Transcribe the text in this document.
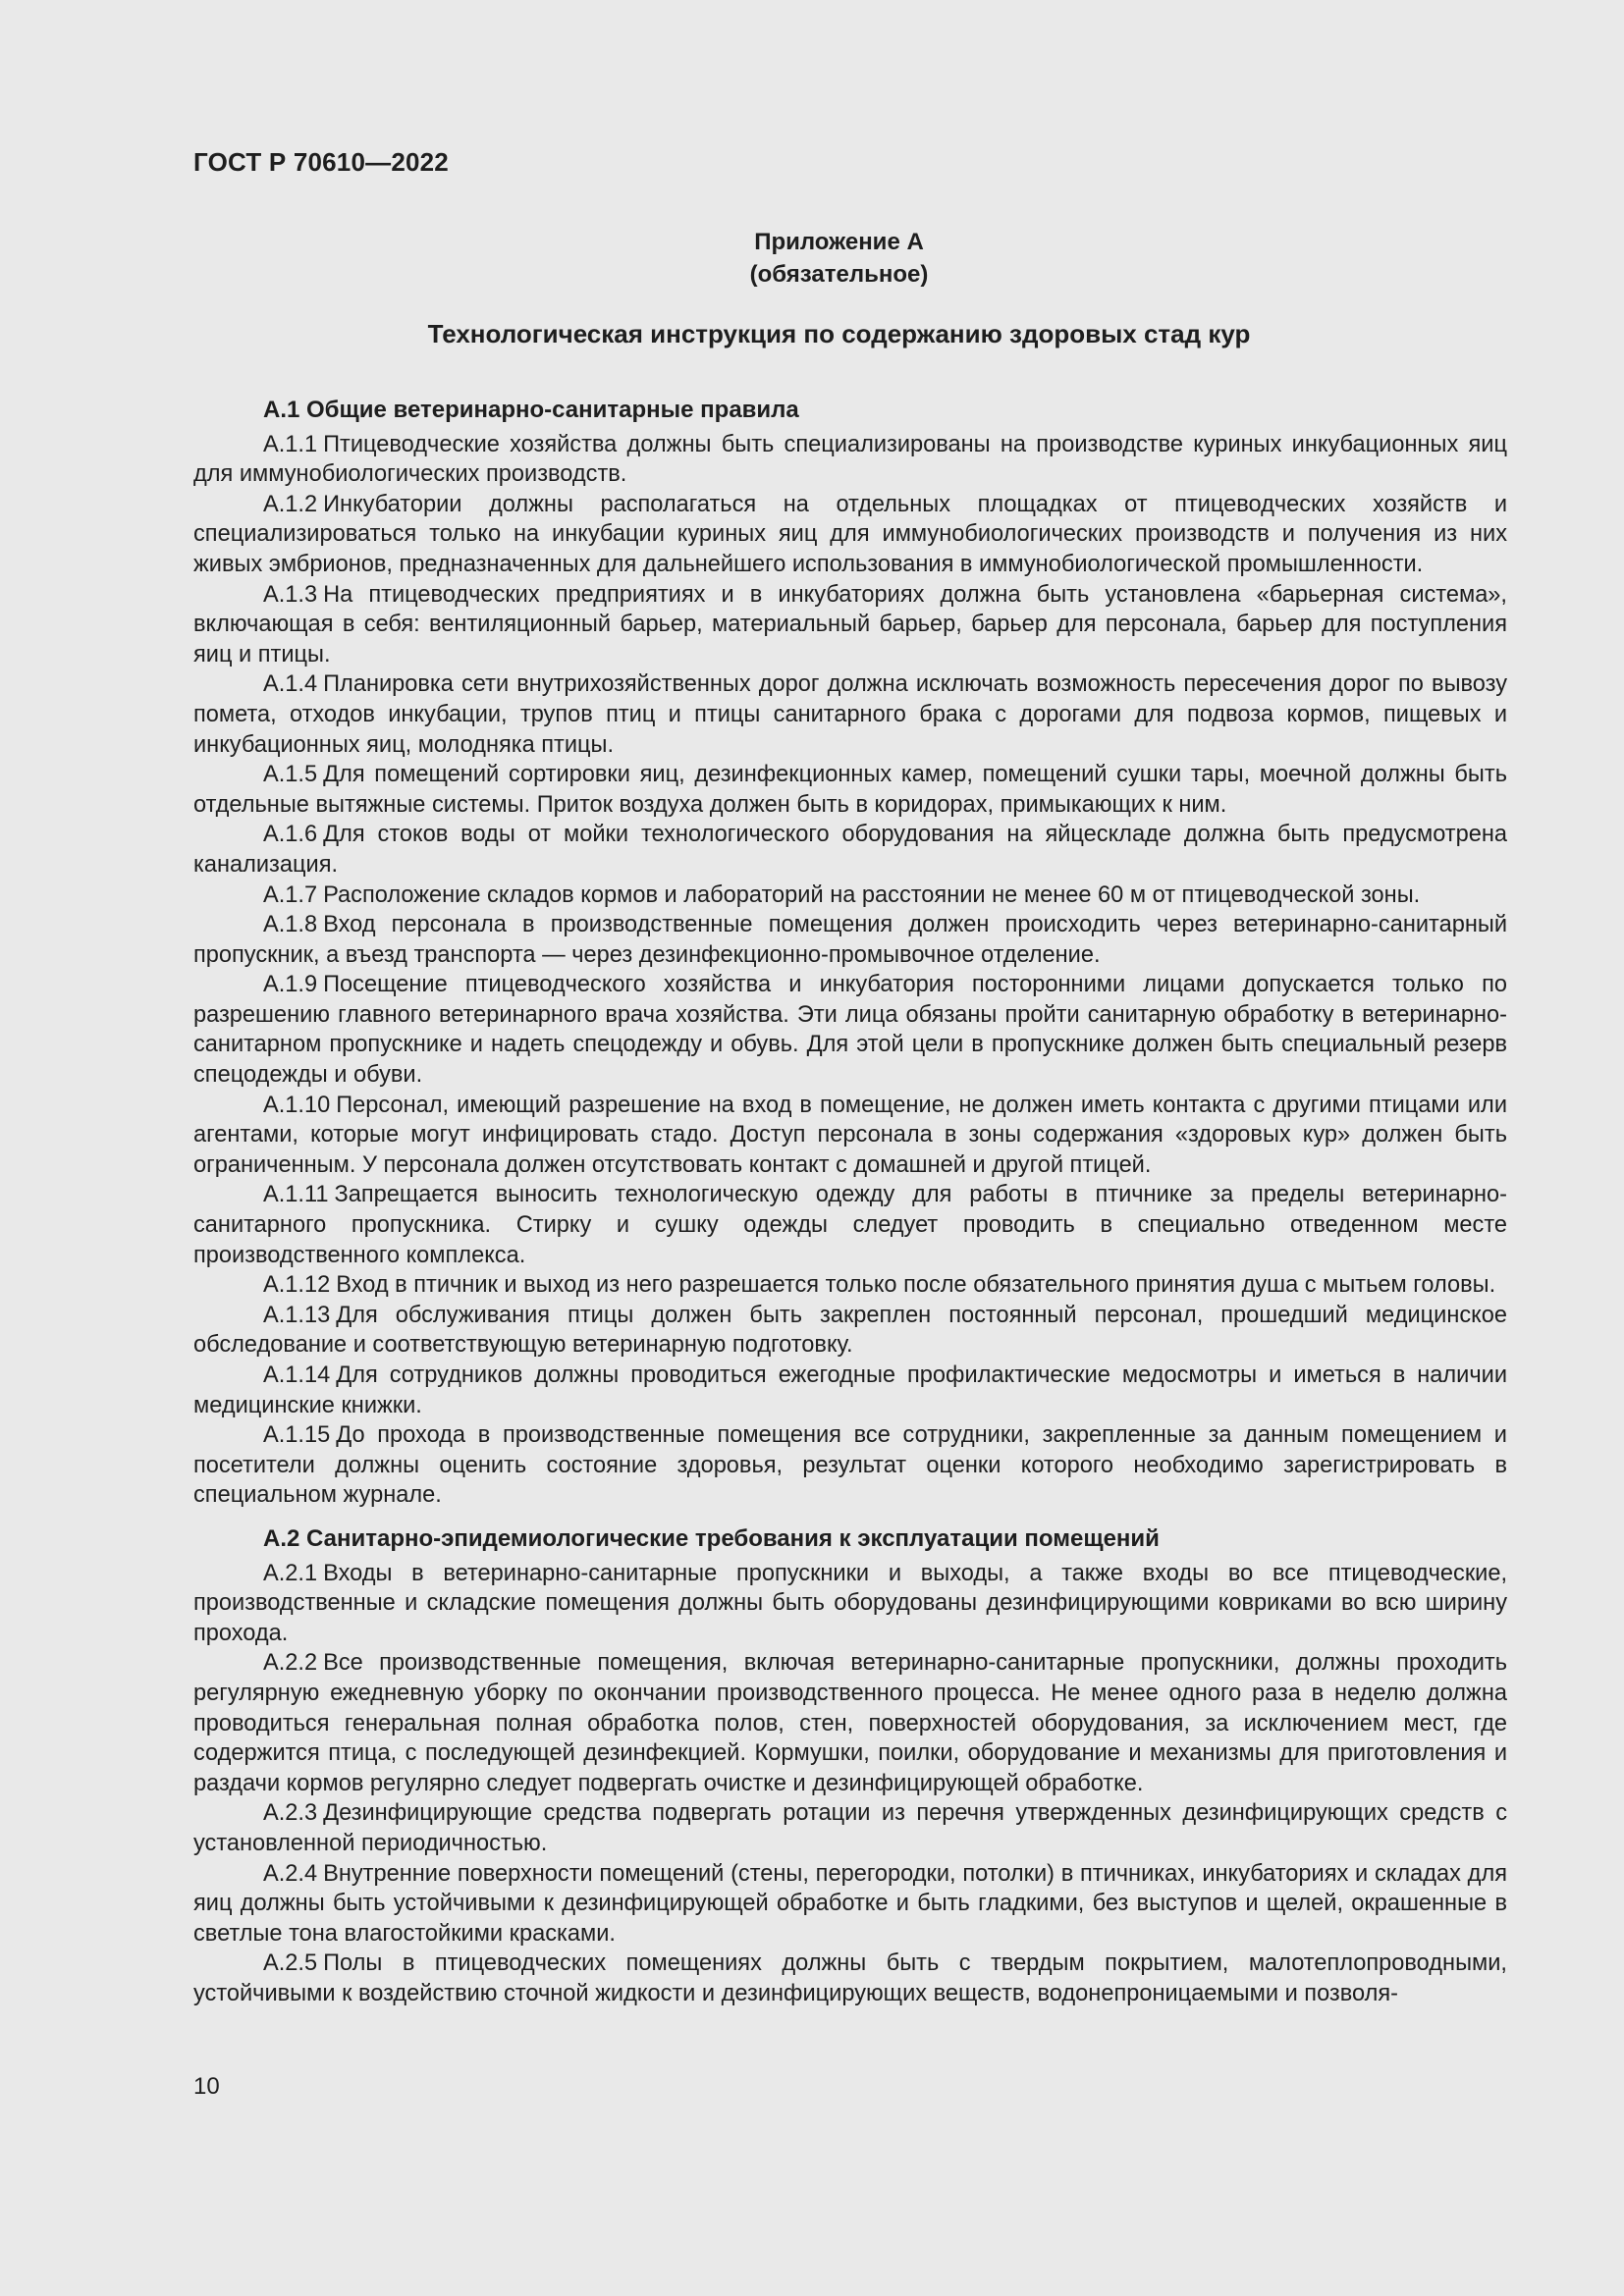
ГОСТ Р 70610—2022
Приложение А
(обязательное)
Технологическая инструкция по содержанию здоровых стад кур
А.1 Общие ветеринарно-санитарные правила

А.1.1 Птицеводческие хозяйства должны быть специализированы на производстве куриных инкубационных яиц для иммунобиологических производств.

А.1.2 Инкубатории должны располагаться на отдельных площадках от птицеводческих хозяйств и специализироваться только на инкубации куриных яиц для иммунобиологических производств и получения из них живых эмбрионов, предназначенных для дальнейшего использования в иммунобиологической промышленности.

А.1.3 На птицеводческих предприятиях и в инкубаториях должна быть установлена «барьерная система», включающая в себя: вентиляционный барьер, материальный барьер, барьер для персонала, барьер для поступления яиц и птицы.

А.1.4 Планировка сети внутрихозяйственных дорог должна исключать возможность пересечения дорог по вывозу помета, отходов инкубации, трупов птиц и птицы санитарного брака с дорогами для подвоза кормов, пищевых и инкубационных яиц, молодняка птицы.

А.1.5 Для помещений сортировки яиц, дезинфекционных камер, помещений сушки тары, моечной должны быть отдельные вытяжные системы. Приток воздуха должен быть в коридорах, примыкающих к ним.

А.1.6 Для стоков воды от мойки технологического оборудования на яйцескладе должна быть предусмотрена канализация.

А.1.7 Расположение складов кормов и лабораторий на расстоянии не менее 60 м от птицеводческой зоны.

А.1.8 Вход персонала в производственные помещения должен происходить через ветеринарно-санитарный пропускник, а въезд транспорта — через дезинфекционно-промывочное отделение.

А.1.9 Посещение птицеводческого хозяйства и инкубатория посторонними лицами допускается только по разрешению главного ветеринарного врача хозяйства. Эти лица обязаны пройти санитарную обработку в ветеринарно-санитарном пропускнике и надеть спецодежду и обувь. Для этой цели в пропускнике должен быть специальный резерв спецодежды и обуви.

А.1.10 Персонал, имеющий разрешение на вход в помещение, не должен иметь контакта с другими птицами или агентами, которые могут инфицировать стадо. Доступ персонала в зоны содержания «здоровых кур» должен быть ограниченным. У персонала должен отсутствовать контакт с домашней и другой птицей.

А.1.11 Запрещается выносить технологическую одежду для работы в птичнике за пределы ветеринарно-санитарного пропускника. Стирку и сушку одежды следует проводить в специально отведенном месте производственного комплекса.

А.1.12 Вход в птичник и выход из него разрешается только после обязательного принятия душа с мытьем головы.

А.1.13 Для обслуживания птицы должен быть закреплен постоянный персонал, прошедший медицинское обследование и соответствующую ветеринарную подготовку.

А.1.14 Для сотрудников должны проводиться ежегодные профилактические медосмотры и иметься в наличии медицинские книжки.

А.1.15 До прохода в производственные помещения все сотрудники, закрепленные за данным помещением и посетители должны оценить состояние здоровья, результат оценки которого необходимо зарегистрировать в специальном журнале.

А.2 Санитарно-эпидемиологические требования к эксплуатации помещений

А.2.1 Входы в ветеринарно-санитарные пропускники и выходы, а также входы во все птицеводческие, производственные и складские помещения должны быть оборудованы дезинфицирующими ковриками во всю ширину прохода.

А.2.2 Все производственные помещения, включая ветеринарно-санитарные пропускники, должны проходить регулярную ежедневную уборку по окончании производственного процесса. Не менее одного раза в неделю должна проводиться генеральная полная обработка полов, стен, поверхностей оборудования, за исключением мест, где содержится птица, с последующей дезинфекцией. Кормушки, поилки, оборудование и механизмы для приготовления и раздачи кормов регулярно следует подвергать очистке и дезинфицирующей обработке.

А.2.3 Дезинфицирующие средства подвергать ротации из перечня утвержденных дезинфицирующих средств с установленной периодичностью.

А.2.4 Внутренние поверхности помещений (стены, перегородки, потолки) в птичниках, инкубаториях и складах для яиц должны быть устойчивыми к дезинфицирующей обработке и быть гладкими, без выступов и щелей, окрашенные в светлые тона влагостойкими красками.

А.2.5 Полы в птицеводческих помещениях должны быть с твердым покрытием, малотеплопроводными, устойчивыми к воздействию сточной жидкости и дезинфицирующих веществ, водонепроницаемыми и позволя-

10
